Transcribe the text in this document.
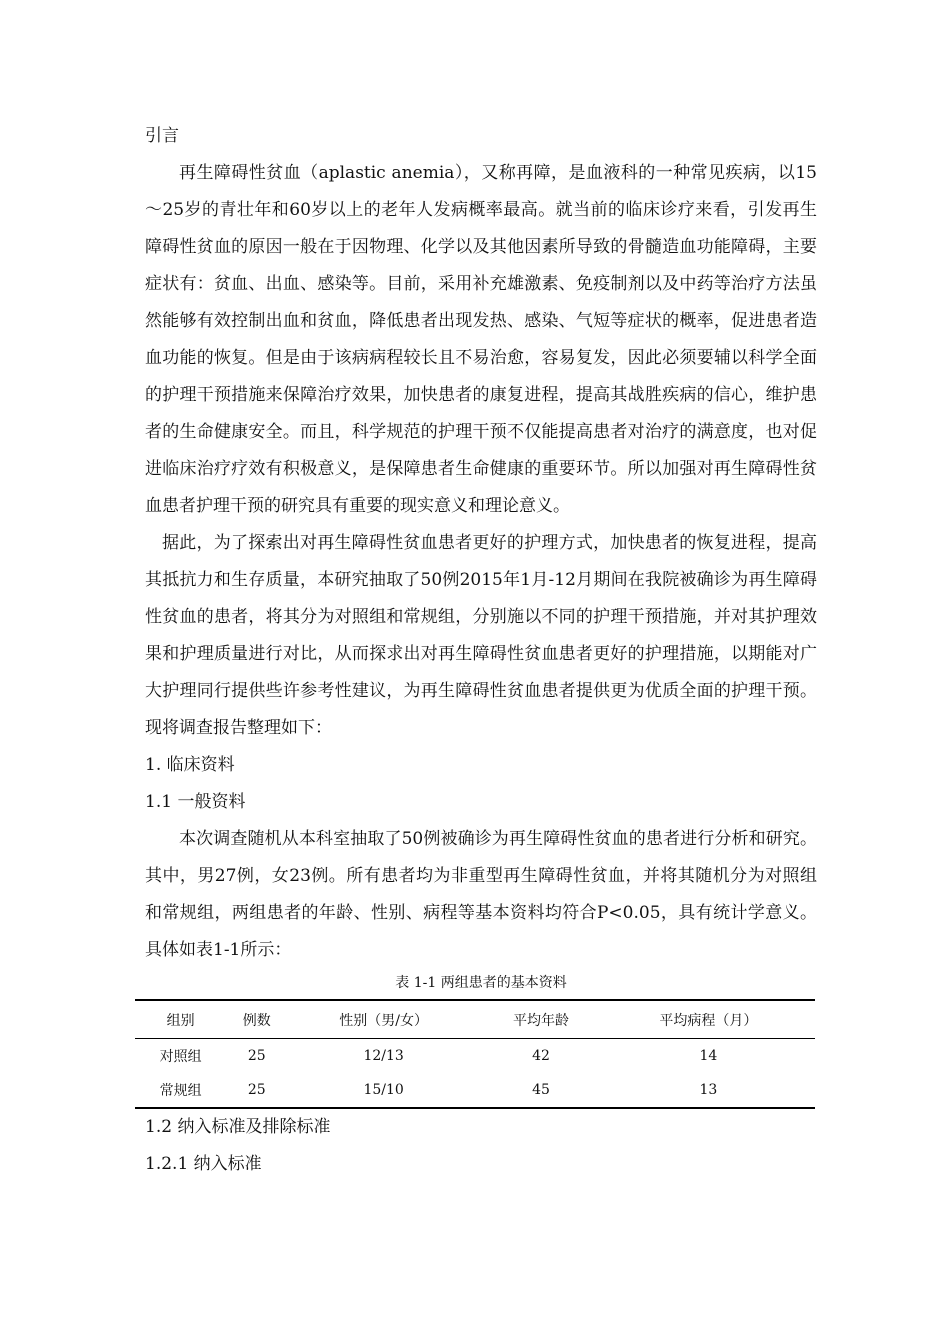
引言

再生障碍性贫血（aplastic anemia），又称再障，是血液科的一种常见疾病，以15～25岁的青壮年和60岁以上的老年人发病概率最高。就当前的临床诊疗来看，引发再生障碍性贫血的原因一般在于因物理、化学以及其他因素所导致的骨髓造血功能障碍，主要症状有：贫血、出血、感染等。目前，采用补充雄激素、免疫制剂以及中药等治疗方法虽然能够有效控制出血和贫血，降低患者出现发热、感染、气短等症状的概率，促进患者造血功能的恢复。但是由于该病病程较长且不易治愈，容易复发，因此必须要辅以科学全面的护理干预措施来保障治疗效果，加快患者的康复进程，提高其战胜疾病的信心，维护患者的生命健康安全。而且，科学规范的护理干预不仅能提高患者对治疗的满意度，也对促进临床治疗疗效有积极意义，是保障患者生命健康的重要环节。所以加强对再生障碍性贫血患者护理干预的研究具有重要的现实意义和理论意义。

据此，为了探索出对再生障碍性贫血患者更好的护理方式，加快患者的恢复进程，提高其抵抗力和生存质量，本研究抽取了50例2015年1月-12月期间在我院被确诊为再生障碍性贫血的患者，将其分为对照组和常规组，分别施以不同的护理干预措施，并对其护理效果和护理质量进行对比，从而探求出对再生障碍性贫血患者更好的护理措施，以期能对广大护理同行提供些许参考性建议，为再生障碍性贫血患者提供更为优质全面的护理干预。现将调查报告整理如下：

1. 临床资料
1.1 一般资料

本次调查随机从本科室抽取了50例被确诊为再生障碍性贫血的患者进行分析和研究。其中，男27例，女23例。所有患者均为非重型再生障碍性贫血，并将其随机分为对照组和常规组，两组患者的年龄、性别、病程等基本资料均符合P<0.05，具有统计学意义。具体如表1-1所示：

表 1-1 两组患者的基本资料
组别	例数	性别（男/女）	平均年龄	平均病程（月）
对照组	25	12/13	42	14
常规组	25	15/10	45	13
1.2 纳入标准及排除标准
1.2.1 纳入标准
